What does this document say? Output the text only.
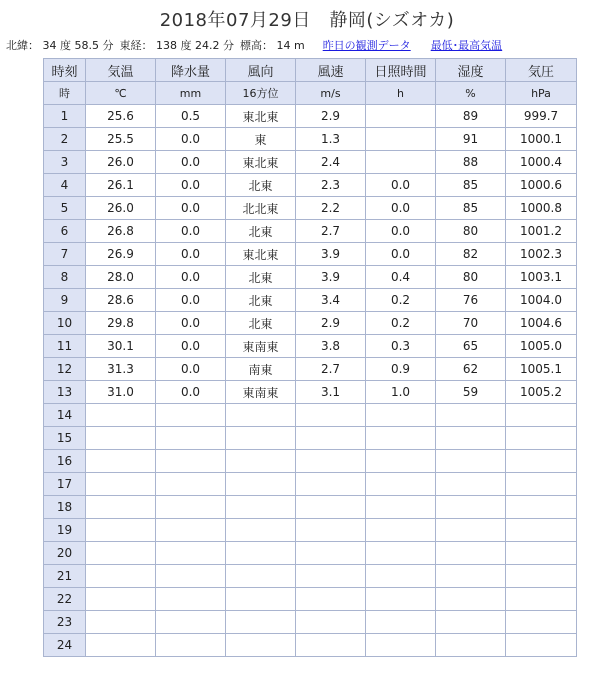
2018年07月29日　静岡(シズオカ)
北緯： 34 度 58.5 分 東経： 138 度 24.2 分 標高： 14 m 昨日の観測データ 最低･最高気温
時刻	気温	降水量	風向	風速	日照時間	湿度	気圧
時	℃	mm	16方位	m/s	h	%	hPa
1	25.6	0.5	東北東	2.9		89	999.7
2	25.5	0.0	東	1.3		91	1000.1
3	26.0	0.0	東北東	2.4		88	1000.4
4	26.1	0.0	北東	2.3	0.0	85	1000.6
5	26.0	0.0	北北東	2.2	0.0	85	1000.8
6	26.8	0.0	北東	2.7	0.0	80	1001.2
7	26.9	0.0	東北東	3.9	0.0	82	1002.3
8	28.0	0.0	北東	3.9	0.4	80	1003.1
9	28.6	0.0	北東	3.4	0.2	76	1004.0
10	29.8	0.0	北東	2.9	0.2	70	1004.6
11	30.1	0.0	東南東	3.8	0.3	65	1005.0
12	31.3	0.0	南東	2.7	0.9	62	1005.1
13	31.0	0.0	東南東	3.1	1.0	59	1005.2
14							
15							
16							
17							
18							
19							
20							
21							
22							
23							
24							
